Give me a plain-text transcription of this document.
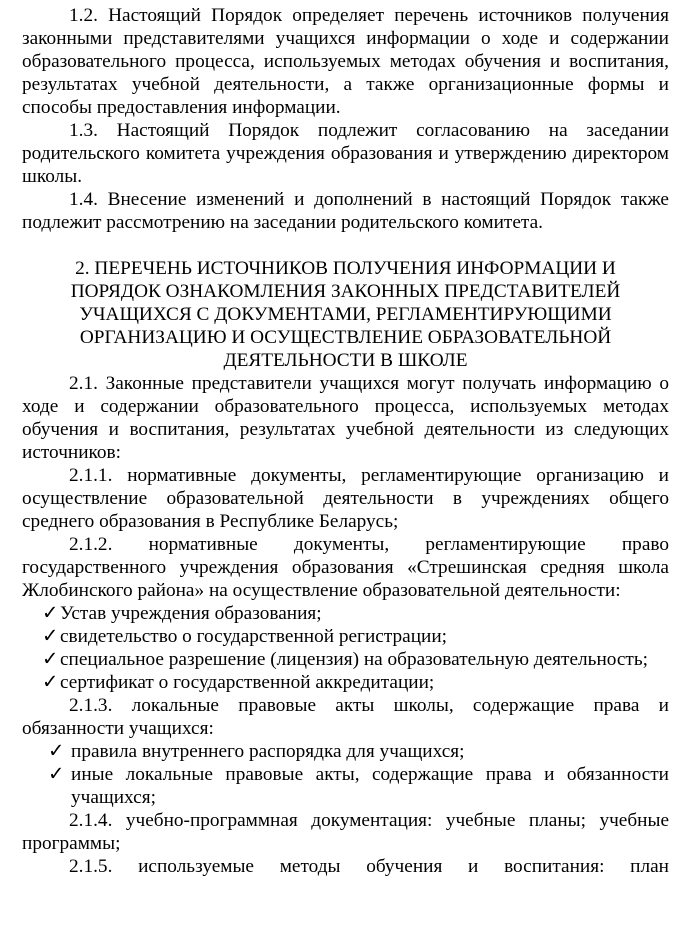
1.2. Настоящий Порядок определяет перечень источников получения законными представителями учащихся информации о ходе и содержании образовательного процесса, используемых методах обучения и воспитания, результатах учебной деятельности, а также организационные формы и способы предоставления информации.

1.3. Настоящий Порядок подлежит согласованию на заседании родительского комитета учреждения образования и утверждению директором школы.

1.4. Внесение изменений и дополнений в настоящий Порядок также подлежит рассмотрению на заседании родительского комитета.

2. ПЕРЕЧЕНЬ ИСТОЧНИКОВ ПОЛУЧЕНИЯ ИНФОРМАЦИИ И
ПОРЯДОК ОЗНАКОМЛЕНИЯ ЗАКОННЫХ ПРЕДСТАВИТЕЛЕЙ
УЧАЩИХСЯ С ДОКУМЕНТАМИ, РЕГЛАМЕНТИРУЮЩИМИ
ОРГАНИЗАЦИЮ И ОСУЩЕСТВЛЕНИЕ ОБРАЗОВАТЕЛЬНОЙ
ДЕЯТЕЛЬНОСТИ В ШКОЛЕ

2.1. Законные представители учащихся могут получать информацию о ходе и содержании образовательного процесса, используемых методах обучения и воспитания, результатах учебной деятельности из следующих источников:

2.1.1. нормативные документы, регламентирующие организацию и осуществление образовательной деятельности в учреждениях общего среднего образования в Республике Беларусь;

2.1.2. нормативные документы, регламентирующие право государственного учреждения образования «Стрешинская средняя школа Жлобинского района» на осуществление образовательной деятельности:

✓ Устав учреждения образования;
✓ свидетельство о государственной регистрации;
✓ специальное разрешение (лицензия) на образовательную деятельность;
✓ сертификат о государственной аккредитации;

2.1.3. локальные правовые акты школы, содержащие права и обязанности учащихся:

✓ правила внутреннего распорядка для учащихся;
✓ иные локальные правовые акты, содержащие права и обязанности учащихся;

2.1.4. учебно-программная документация: учебные планы; учебные программы;

2.1.5. используемые методы обучения и воспитания: план
